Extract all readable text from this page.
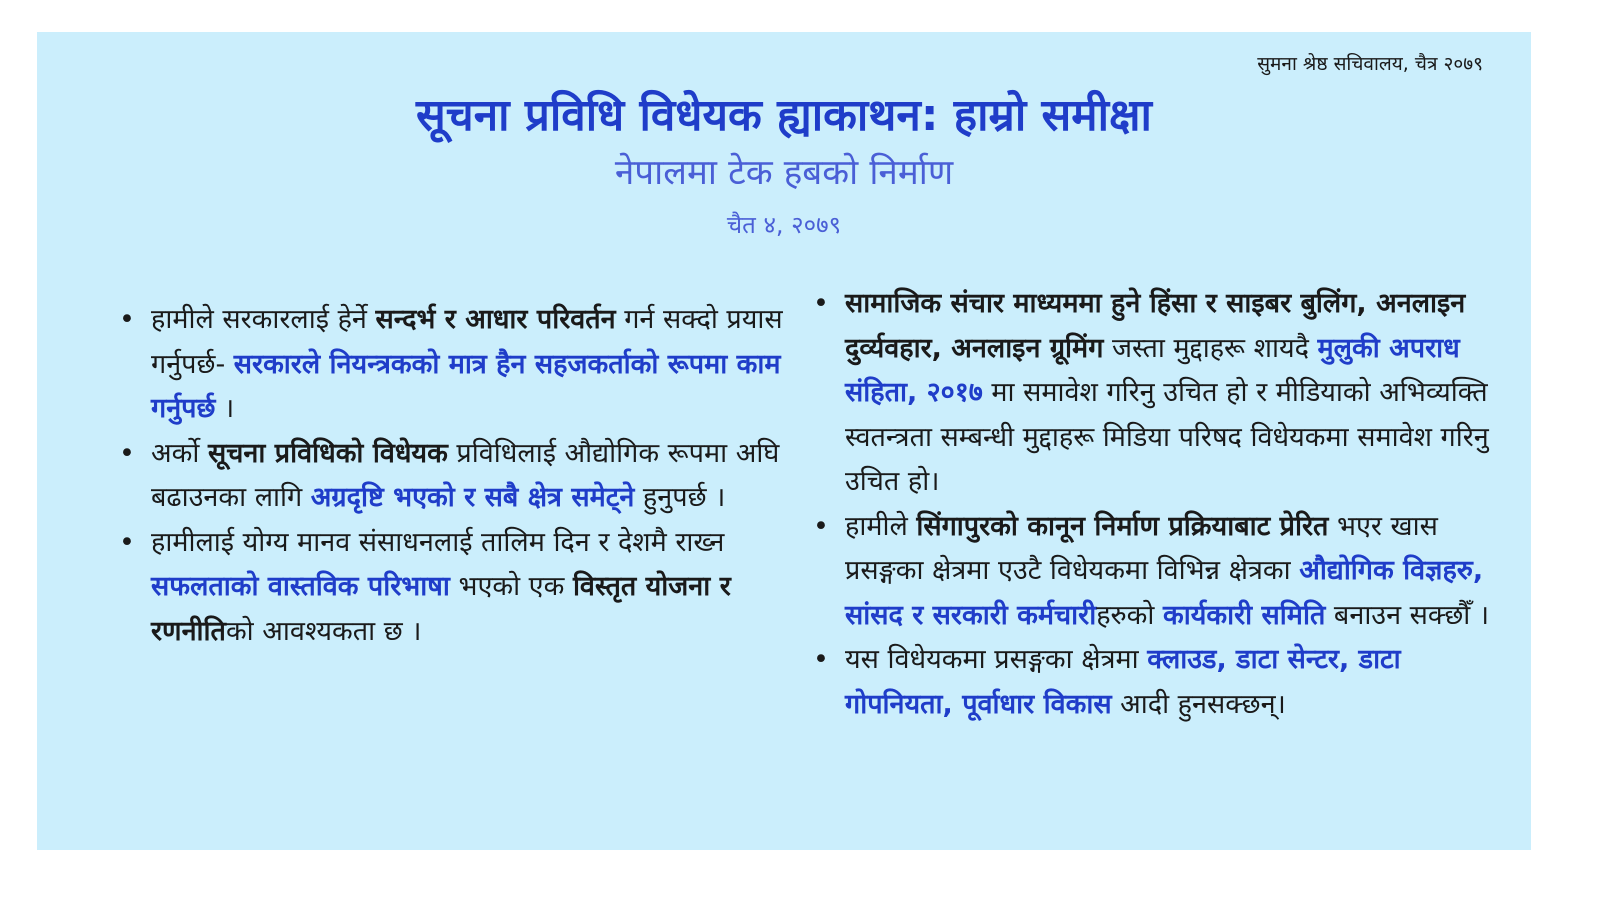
सुमना श्रेष्ठ सचिवालय, चैत्र २०७९
सूचना प्रविधि विधेयक ह्याकाथन: हाम्रो समीक्षा
नेपालमा टेक हबको निर्माण
चैत ४, २०७९
• हामीले सरकारलाई हेर्ने सन्दर्भ र आधार परिवर्तन गर्न सक्दो प्रयास गर्नुपर्छ- सरकारले नियन्त्रकको मात्र हैन सहजकर्ताको रूपमा काम गर्नुपर्छ ।
• अर्को सूचना प्रविधिको विधेयक प्रविधिलाई औद्योगिक रूपमा अघि बढाउनका लागि अग्रदृष्टि भएको र सबै क्षेत्र समेट्ने हुनुपर्छ ।
• हामीलाई योग्य मानव संसाधनलाई तालिम दिन र देशमै राख्न सफलताको वास्तविक परिभाषा भएको एक विस्तृत योजना र रणनीतिको आवश्यकता छ ।
• सामाजिक संचार माध्यममा हुने हिंसा र साइबर बुलिंग, अनलाइन दुर्व्यवहार, अनलाइन ग्रूमिंग जस्ता मुद्दाहरू शायदै मुलुकी अपराध संहिता, २०१७ मा समावेश गरिनु उचित हो र मीडियाको अभिव्यक्ति स्वतन्त्रता सम्बन्धी मुद्दाहरू मिडिया परिषद विधेयकमा समावेश गरिनु उचित हो।
• हामीले सिंगापुरको कानून निर्माण प्रक्रियाबाट प्रेरित भएर खास प्रसङ्गका क्षेत्रमा एउटै विधेयकमा विभिन्न क्षेत्रका औद्योगिक विज्ञहरु, सांसद र सरकारी कर्मचारीहरुको कार्यकारी समिति बनाउन सक्छौँ ।
• यस विधेयकमा प्रसङ्गका क्षेत्रमा क्लाउड, डाटा सेन्टर, डाटा गोपनियता, पूर्वाधार विकास आदी हुनसक्छन्।
